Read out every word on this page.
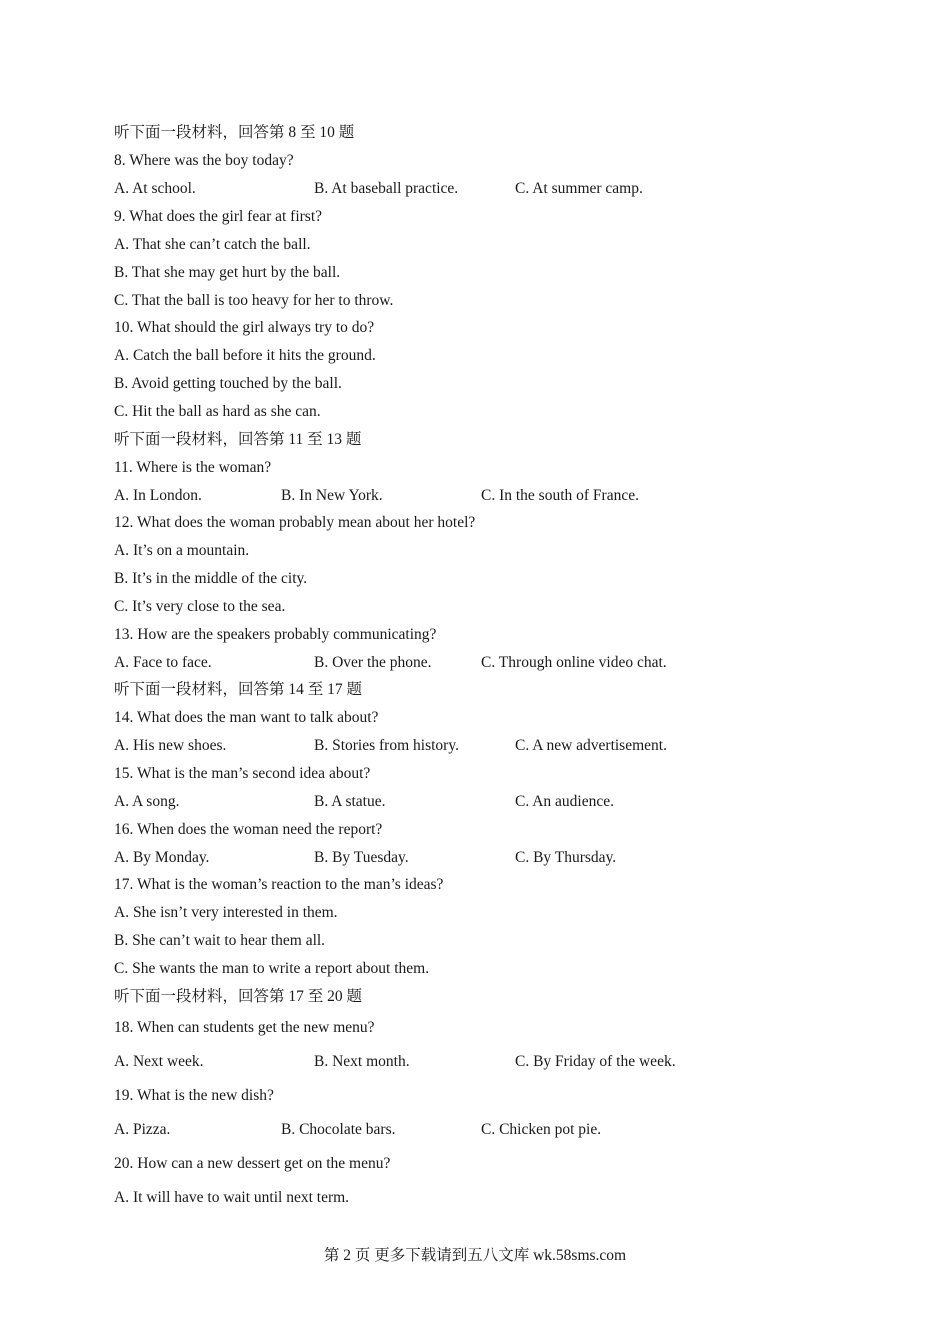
听下面一段材料，回答第 8 至 10 题
8. Where was the boy today?
A. At school.	B. At baseball practice.	C. At summer camp.
9. What does the girl fear at first?
A. That she can’t catch the ball.
B. That she may get hurt by the ball.
C. That the ball is too heavy for her to throw.
10. What should the girl always try to do?
A. Catch the ball before it hits the ground.
B. Avoid getting touched by the ball.
C. Hit the ball as hard as she can.
听下面一段材料，回答第 11 至 13 题
11. Where is the woman?
A. In London.	B. In New York.	C. In the south of France.
12. What does the woman probably mean about her hotel?
A. It’s on a mountain.
B. It’s in the middle of the city.
C. It’s very close to the sea.
13. How are the speakers probably communicating?
A. Face to face.	B. Over the phone.	C. Through online video chat.
听下面一段材料，回答第 14 至 17 题
14. What does the man want to talk about?
A. His new shoes.	B. Stories from history.	C. A new advertisement.
15. What is the man’s second idea about?
A. A song.	B. A statue.	C. An audience.
16. When does the woman need the report?
A. By Monday.	B. By Tuesday.	C. By Thursday.
17. What is the woman’s reaction to the man’s ideas?
A. She isn’t very interested in them.
B. She can’t wait to hear them all.
C. She wants the man to write a report about them.
听下面一段材料，回答第 17 至 20 题
18. When can students get the new menu?
A. Next week.	B. Next month.	C. By Friday of the week.
19. What is the new dish?
A. Pizza.	B. Chocolate bars.	C. Chicken pot pie.
20. How can a new dessert get on the menu?
A. It will have to wait until next term.
第 2 页 更多下载请到五八文库 wk.58sms.com
